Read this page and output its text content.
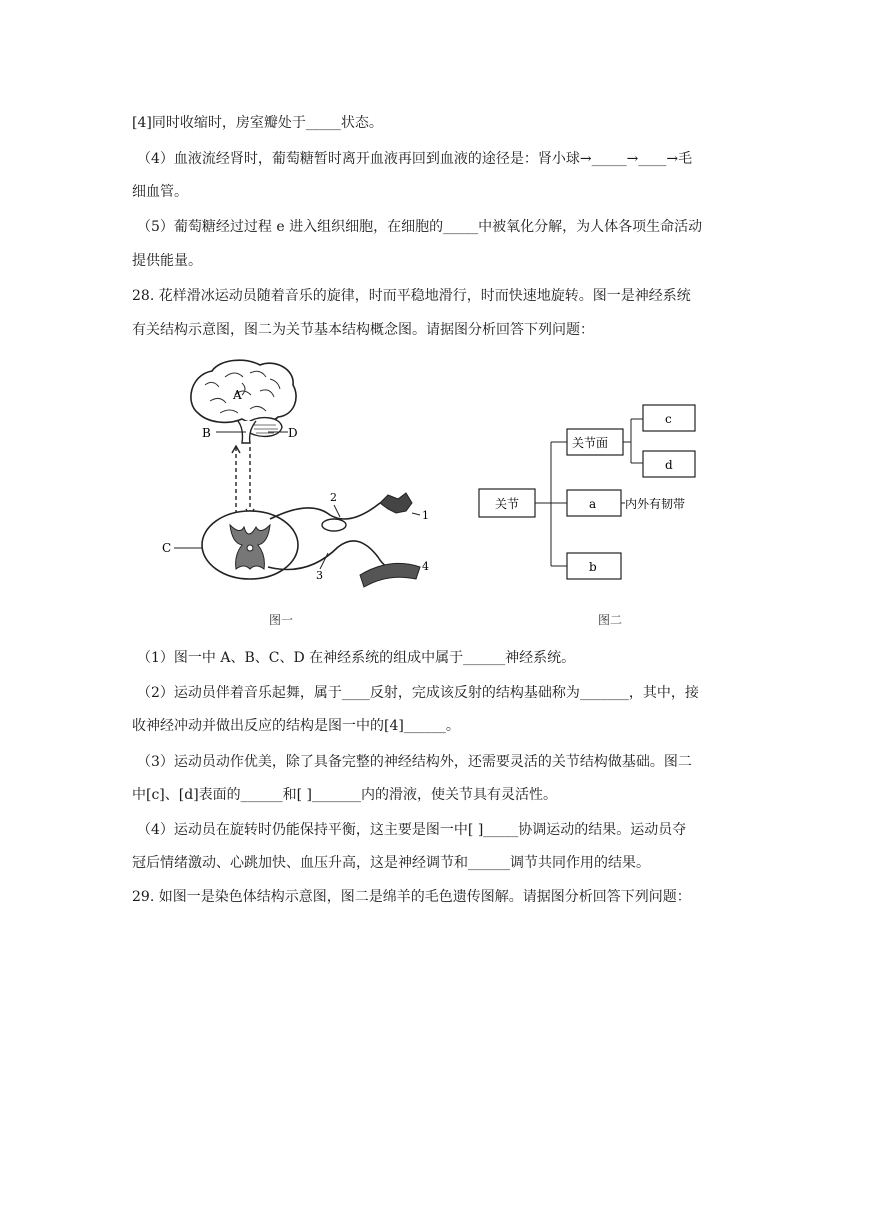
[4]同时收缩时，房室瓣处于_____状态。
（4）血液流经肾时，葡萄糖暂时离开血液再回到血液的途径是：肾小球→_____→____→毛
细血管。
（5）葡萄糖经过过程 e 进入组织细胞，在细胞的_____中被氧化分解，为人体各项生命活动
提供能量。
28. 花样滑冰运动员随着音乐的旋律，时而平稳地滑行，时而快速地旋转。图一是神经系统
有关结构示意图，图二为关节基本结构概念图。请据图分析回答下列问题：
B	D
A
C
1
2
4
3
图一
关节
关节面
c
d
a 内外有韧带
b
图二
（1）图一中 A、B、C、D 在神经系统的组成中属于______神经系统。
（2）运动员伴着音乐起舞，属于____反射，完成该反射的结构基础称为_______，其中，接
收神经冲动并做出反应的结构是图一中的[4]______。
（3）运动员动作优美，除了具备完整的神经结构外，还需要灵活的关节结构做基础。图二
中[c]、[d]表面的______和[ ]_______内的滑液，使关节具有灵活性。
（4）运动员在旋转时仍能保持平衡，这主要是图一中[ ]_____协调运动的结果。运动员夺
冠后情绪激动、心跳加快、血压升高，这是神经调节和______调节共同作用的结果。
29. 如图一是染色体结构示意图，图二是绵羊的毛色遗传图解。请据图分析回答下列问题：
